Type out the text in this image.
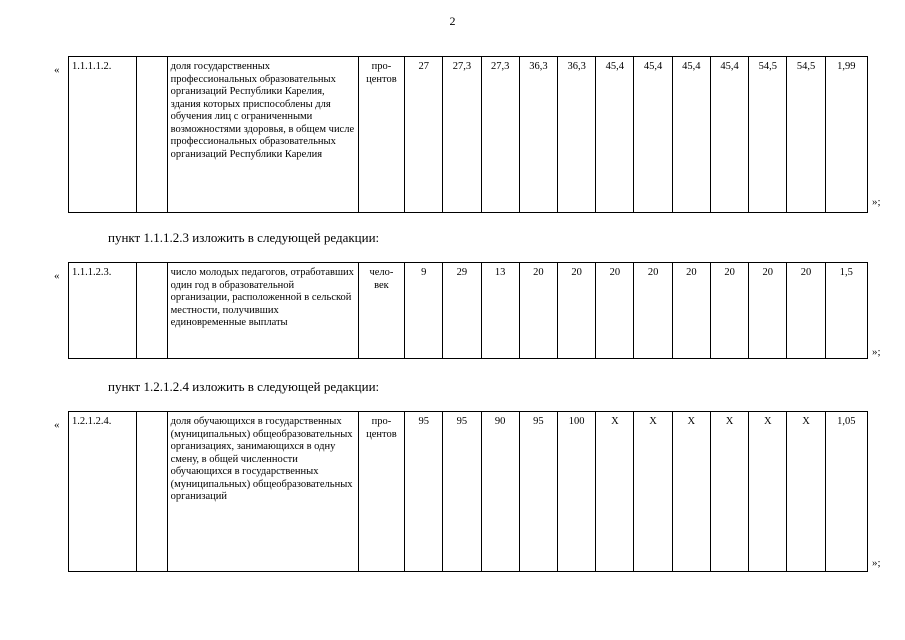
2
« 1.1.1.1.2.		доля государственных профессиональных образовательных организаций Республики Карелия, здания которых приспособлены для обучения лиц с ограниченными возможностями здоровья, в общем числе профессиональных образовательных организаций Республики Карелия	про-
центов	27	27,3	27,3	36,3	36,3	45,4	45,4	45,4	45,4	54,5	54,5	1,99
»;
пункт 1.1.1.2.3 изложить в следующей редакции:
« 1.1.1.2.3.		число молодых педагогов, отработавших один год в образовательной организации, расположенной в сельской местности, получивших единовременные выплаты	чело-
век	9	29	13	20	20	20	20	20	20	20	20	1,5
»;
пункт 1.2.1.2.4 изложить в следующей редакции:
« 1.2.1.2.4.		доля обучающихся в государственных (муниципальных) общеобразовательных организациях, занимающихся в одну смену, в общей численности обучающихся в государственных (муниципальных) общеобразовательных организаций	про-
центов	95	95	90	95	100	Х	Х	Х	Х	Х	Х	1,05
»;
